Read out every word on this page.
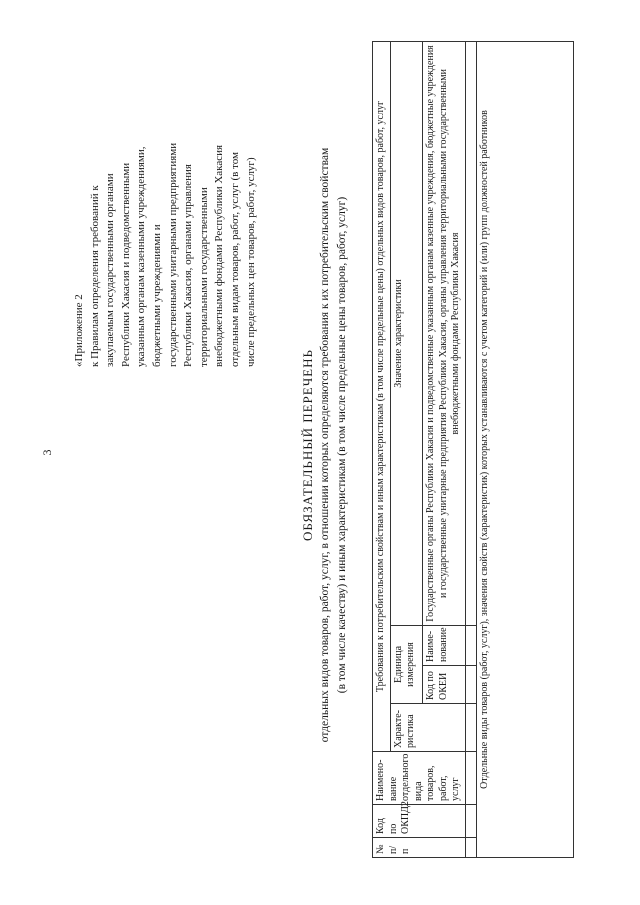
3
«Приложение 2 к Правилам определения требований к закупаемым государственными органами Республики Хакасия и подведомственными указанным органам казенными учреждениями, бюджетными учреждениями и государственными унитарными предприятиями Республики Хакасия, органами управления территориальными государственными внебюджетными фондами Республики Хакасия отдельным видам товаров, работ, услуг (в том числе предельных цен товаров, работ, услуг)
ОБЯЗАТЕЛЬНЫЙ ПЕРЕЧЕНЬ отдельных видов товаров, работ, услуг, в отношении которых определяются требования к их потребительским свойствам (в том числе качеству) и иным характеристикам (в том числе предельные цены товаров, работ, услуг)
№ п/п	Код по ОКПД2	Наимено-вание отдельного вида товаров, работ, услуг	Требования к потребительским свойствам и иным характеристикам (в том числе предельные цены) отдельных видов товаров, работ, услуг			
			Характе-ристика	Единица измерения		Значение характеристики
				Код по ОКЕИ	Наиме-нование	Государственные органы Республики Хакасия и подведомственные указанным органам казенные учреждения, бюджетные учреждения и государственные унитарные предприятия Республики Хакасия, органы управления территориальными государственными внебюджетными фондами Республики Хакасия

Отдельные виды товаров (работ, услуг), значения свойств (характеристик) которых устанавливаются с учетом категорий и (или) групп должностей работников						
